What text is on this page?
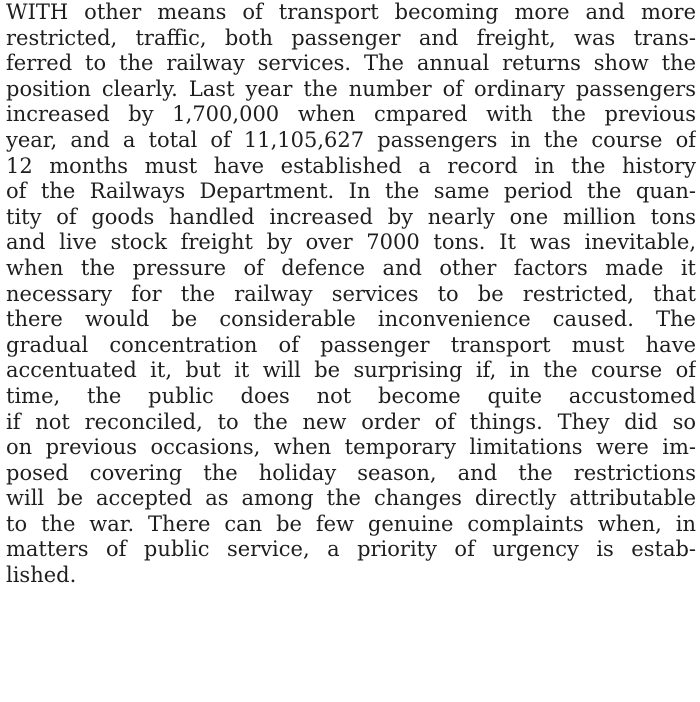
WITH other means of transport becoming more and more
restricted, traffic, both passenger and freight, was trans-
ferred to the railway services. The annual returns show the
position clearly. Last year the number of ordinary passengers
increased by 1,700,000 when cmpared with the previous
year, and a total of 11,105,627 passengers in the course of
12 months must have established a record in the history
of the Railways Department. In the same period the quan-
tity of goods handled increased by nearly one million tons
and live stock freight by over 7000 tons. It was inevitable,
when the pressure of defence and other factors made it
necessary for the railway services to be restricted, that
there would be considerable inconvenience caused. The
gradual concentration of passenger transport must have
accentuated it, but it will be surprising if, in the course of
time, the public does not become quite accustomed
if not reconciled, to the new order of things. They did so
on previous occasions, when temporary limitations were im-
posed covering the holiday season, and the restrictions
will be accepted as among the changes directly attributable
to the war. There can be few genuine complaints when, in
matters of public service, a priority of urgency is estab-
lished.
